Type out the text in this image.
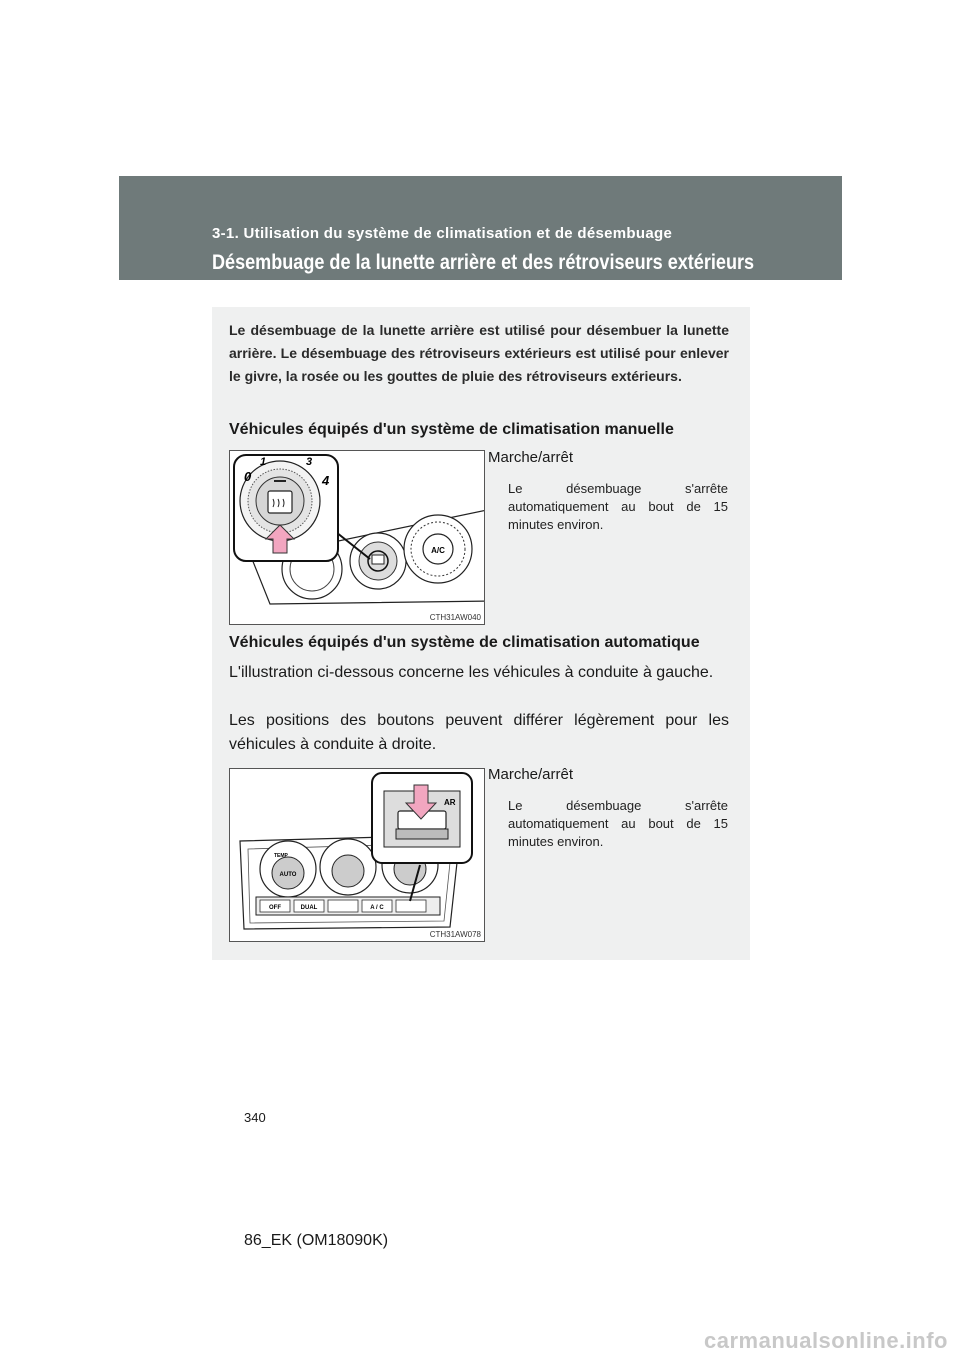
3-1. Utilisation du système de climatisation et de désembuage
Désembuage de la lunette arrière et des rétroviseurs extérieurs
Le désembuage de la lunette arrière est utilisé pour désembuer la lunette arrière. Le désembuage des rétroviseurs extérieurs est utilisé pour enlever le givre, la rosée ou les gouttes de pluie des rétroviseurs extérieurs.
Véhicules équipés d'un système de climatisation manuelle
A/C
0
1	3
4
CTH31AW040
Marche/arrêt
Le désembuage s'arrête automatiquement au bout de 15 minutes environ.
Véhicules équipés d'un système de climatisation automatique
L'illustration ci-dessous concerne les véhicules à conduite à gauche.
Les positions des boutons peuvent différer légèrement pour les véhicules à conduite à droite.
TEMP
AUTO
OFF	DUAL	A / C
AR
CTH31AW078
Marche/arrêt
Le désembuage s'arrête automatiquement au bout de 15 minutes environ.
340
86_EK (OM18090K)
carmanualsonline.info
